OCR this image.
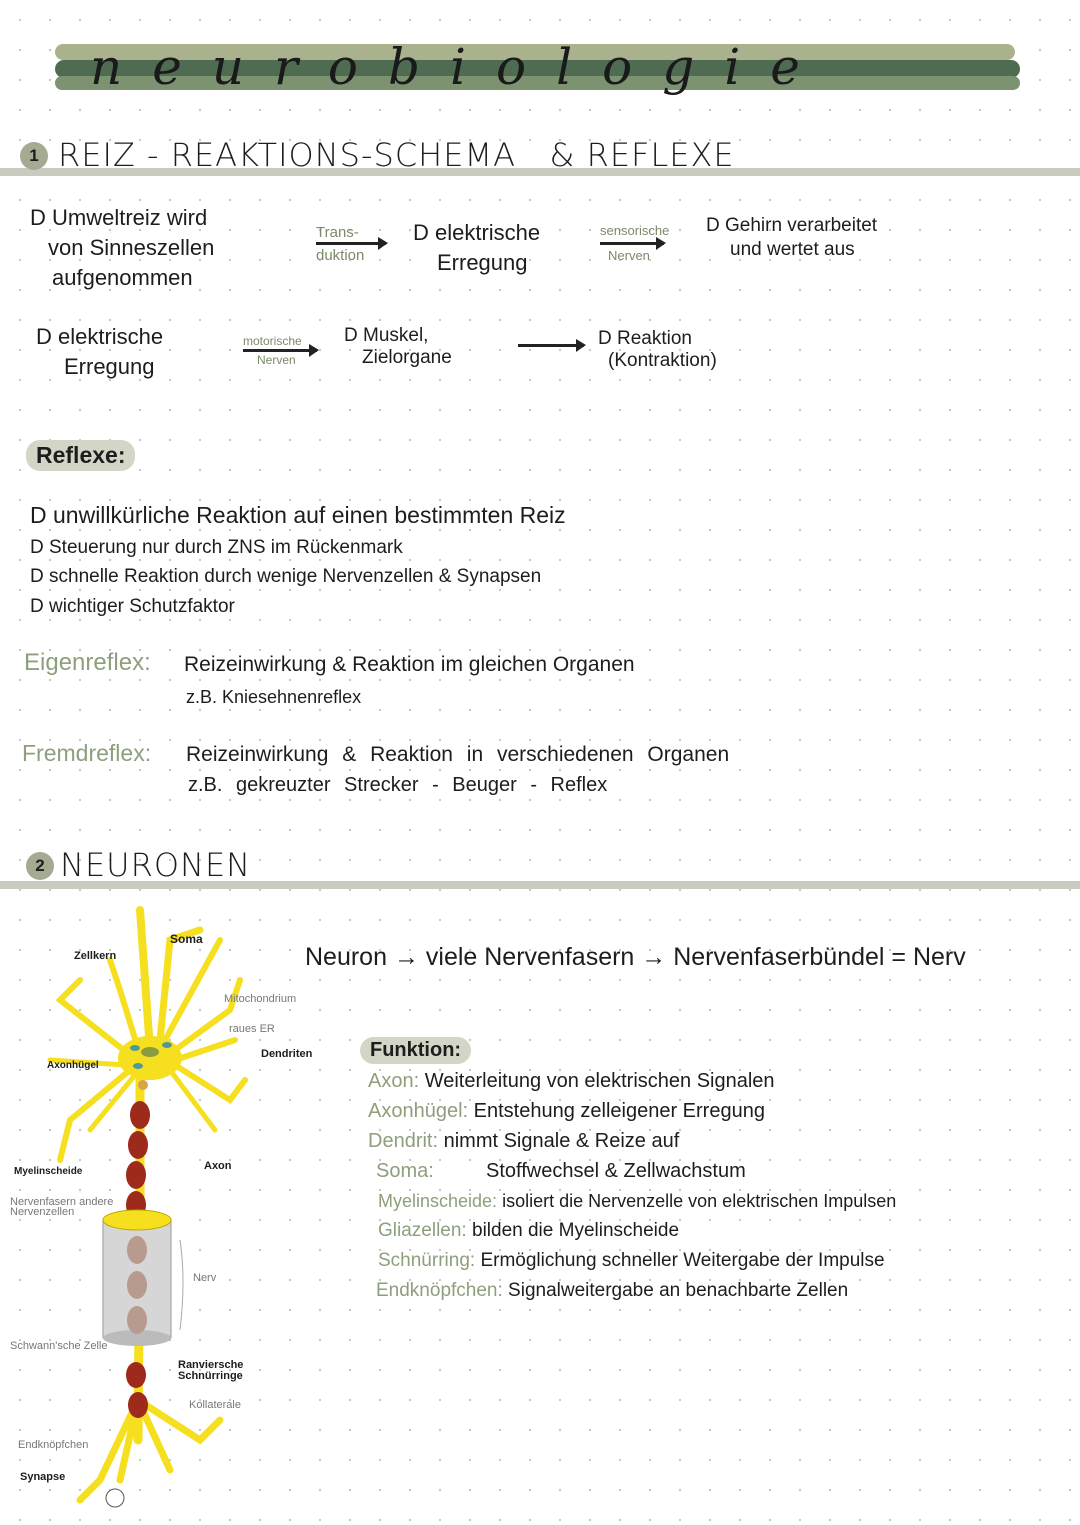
neurobiologie
1 REIZ - REAKTIONS-SCHEMA   & REFLEXE
D Umweltreiz wird
von Sinneszellen
aufgenommen
Trans-
duktion
D elektrische
Erregung
sensorische
Nerven
D Gehirn verarbeitet
und wertet aus
D elektrische
Erregung
motorische
Nerven
D Muskel,
Zielorgane
D Reaktion
(Kontraktion)
Reflexe:
D unwillkürliche Reaktion auf einen bestimmten Reiz
D Steuerung nur durch ZNS im Rückenmark
D schnelle Reaktion durch wenige Nervenzellen & Synapsen
D wichtiger Schutzfaktor
Eigenreflex: Reizeinwirkung & Reaktion im gleichen Organen
z.B. Kniesehnenreflex
Fremdreflex: Reizeinwirkung & Reaktion in verschiedenen Organen
z.B. gekreuzter Strecker - Beuger - Reflex
2 NEURONEN
Neuron → viele Nervenfasern → Nervenfaserbündel = Nerv
Funktion:
Axon: Weiterleitung von elektrischen Signalen
Axonhügel: Entstehung zelleigener Erregung
Dendrit: nimmt Signale & Reize auf
Soma:	Stoffwechsel & Zellwachstum
Myelinscheide: isoliert die Nervenzelle von elektrischen Impulsen
Gliazellen: bilden die Myelinscheide
Schnürring: Ermöglichung schneller Weitergabe der Impulse
Endknöpfchen: Signalweitergabe an benachbarte Zellen
Soma
Zellkern
Mitochondrium
raues ER
Dendriten
Axonhügel
Axon
Myelinscheide
Nervenfasern andere Nervenzellen
Nerv
Schwann'sche Zelle
Ranviersche Schnürringe
Kollaterale
Endknöpfchen
Synapse
